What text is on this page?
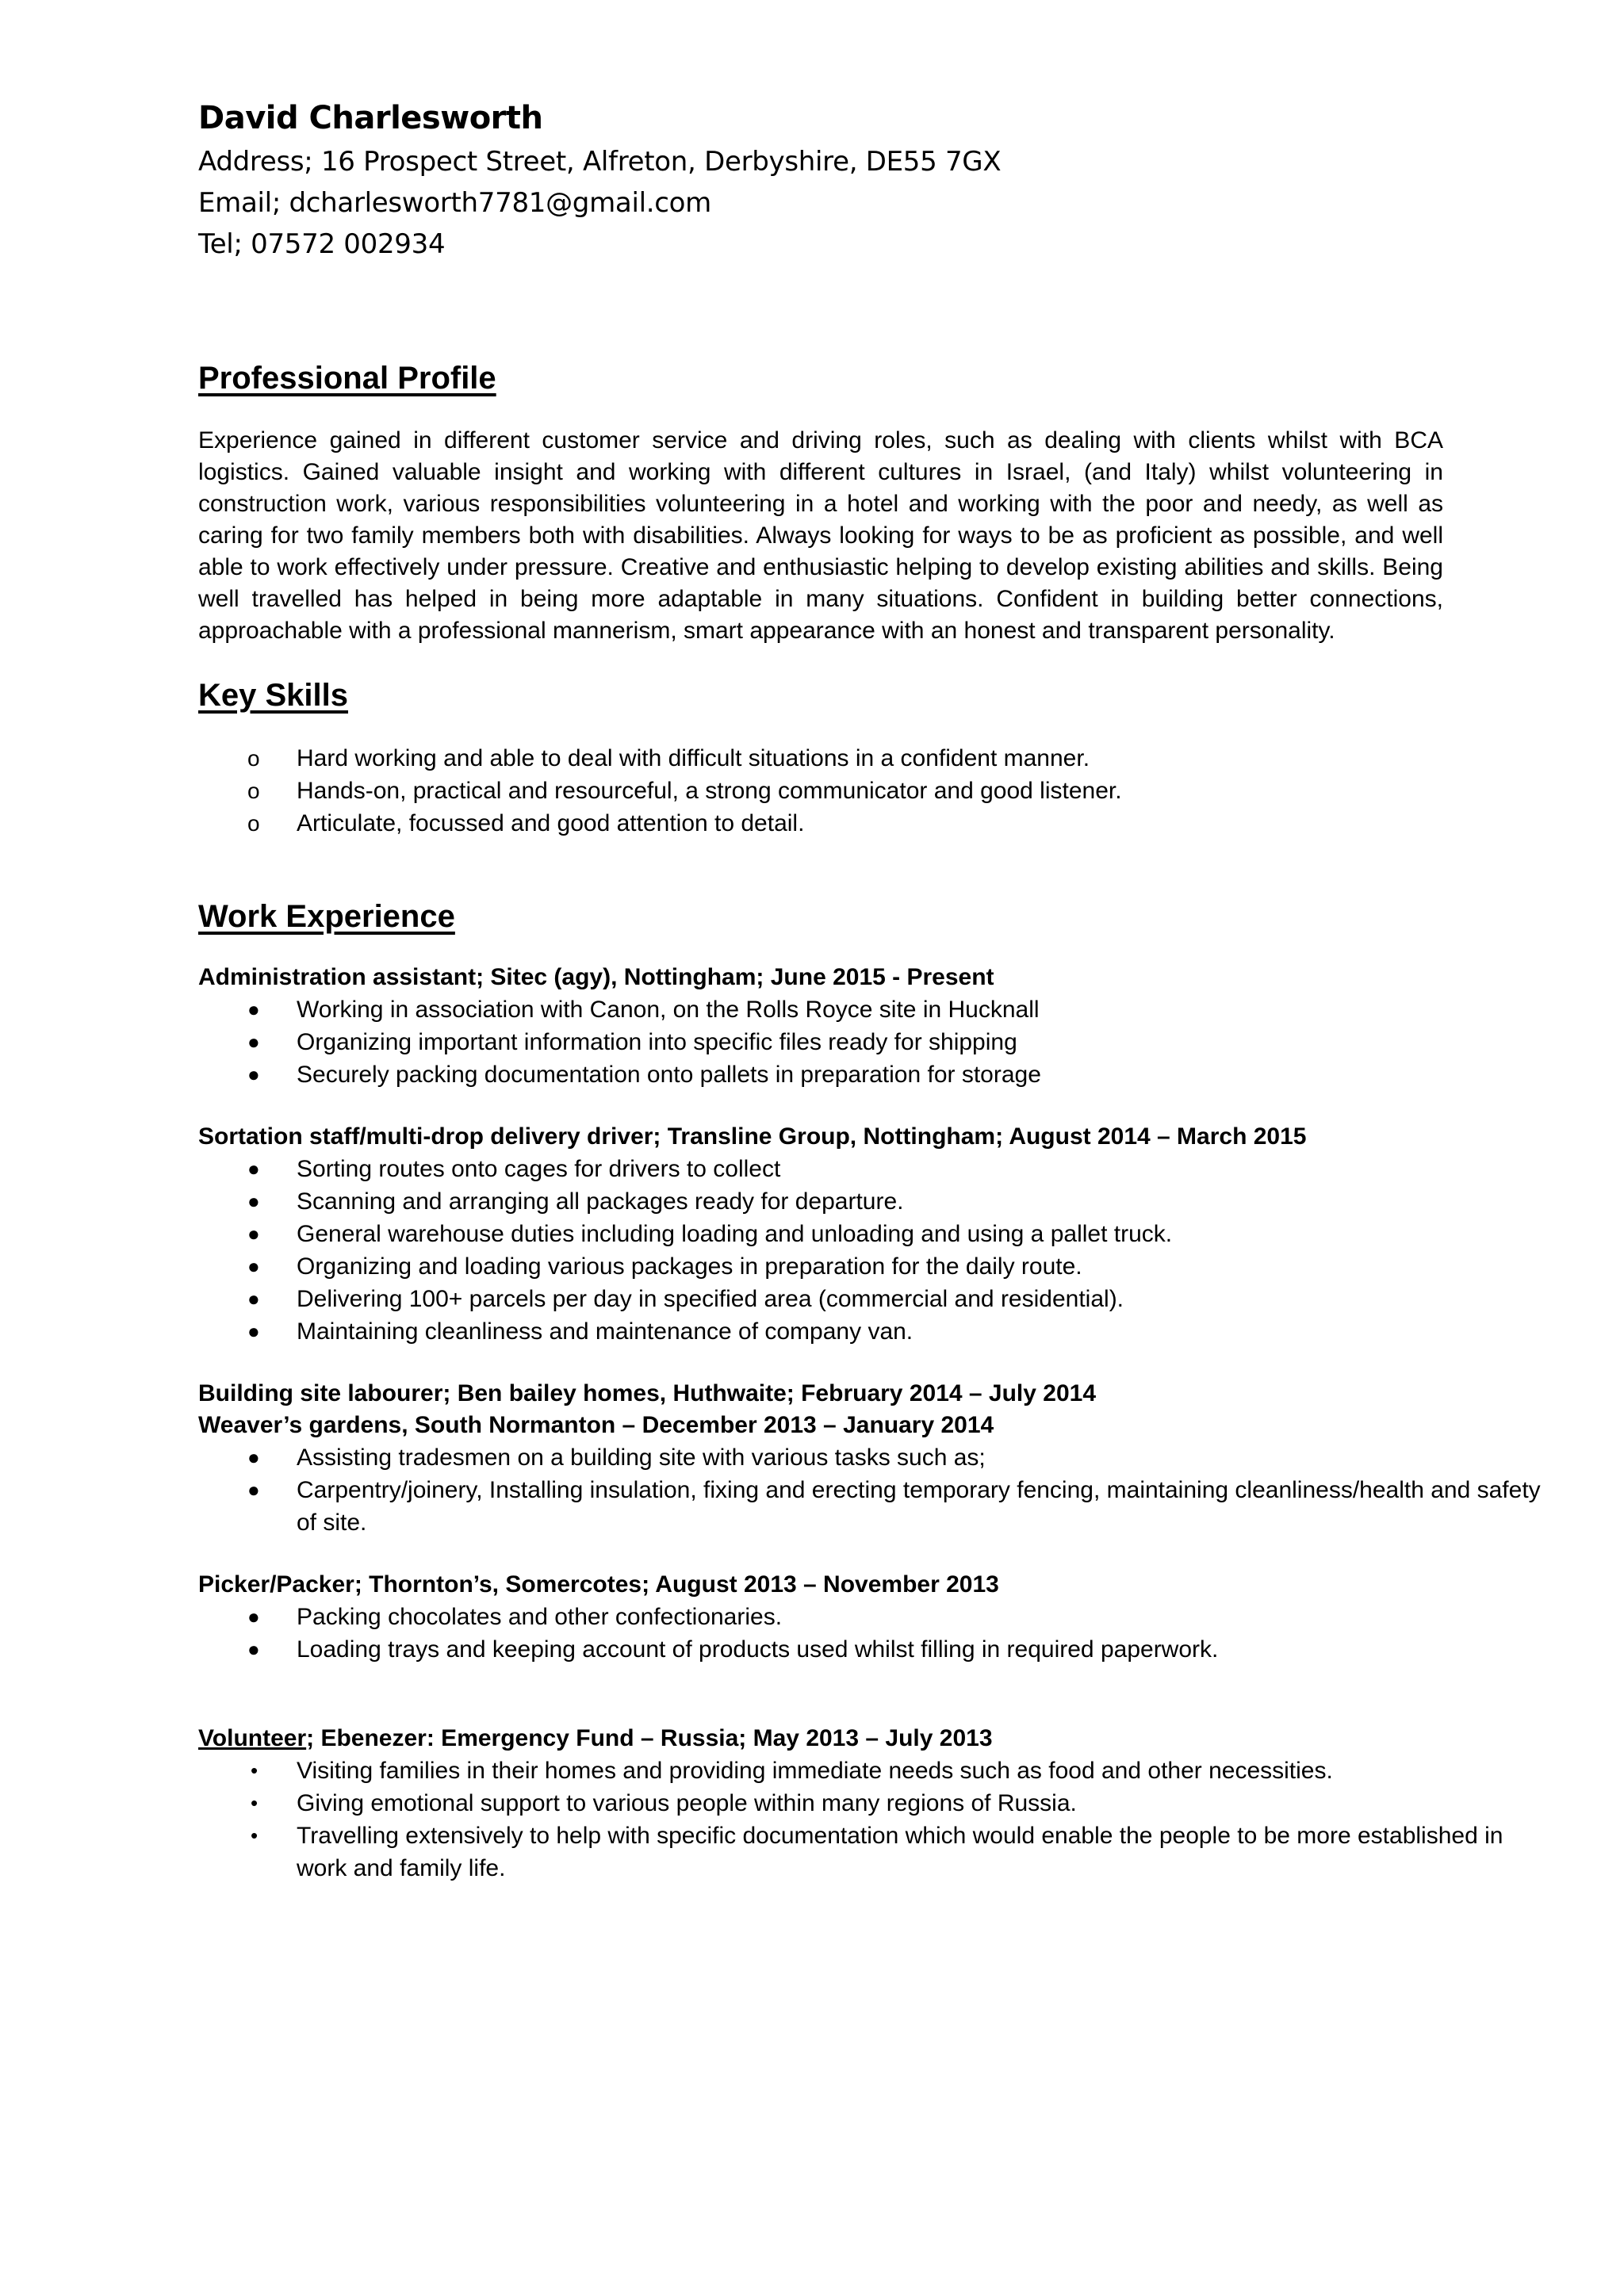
David Charlesworth
Address; 16 Prospect Street, Alfreton, Derbyshire, DE55 7GX
Email; dcharlesworth7781@gmail.com
Tel; 07572 002934
Professional Profile

Experience gained in different customer service and driving roles, such as dealing with clients whilst with BCA logistics. Gained valuable insight and working with different cultures in Israel, (and Italy) whilst volunteering in construction work, various responsibilities volunteering in a hotel and working with the poor and needy, as well as caring for two family members both with disabilities. Always looking for ways to be as proficient as possible, and well able to work effectively under pressure. Creative and enthusiastic helping to develop existing abilities and skills. Being well travelled has helped in being more adaptable in many situations. Confident in building better connections, approachable with a professional mannerism, smart appearance with an honest and transparent personality.

Key Skills
o Hard working and able to deal with difficult situations in a confident manner.
o Hands-on, practical and resourceful, a strong communicator and good listener.
o Articulate, focussed and good attention to detail.
Work Experience
Administration assistant; Sitec (agy), Nottingham; June 2015 - Present
● Working in association with Canon, on the Rolls Royce site in Hucknall
● Organizing important information into specific files ready for shipping
● Securely packing documentation onto pallets in preparation for storage
Sortation staff/multi-drop delivery driver; Transline Group, Nottingham; August 2014 – March 2015
● Sorting routes onto cages for drivers to collect
● Scanning and arranging all packages ready for departure.
● General warehouse duties including loading and unloading and using a pallet truck.
● Organizing and loading various packages in preparation for the daily route.
● Delivering 100+ parcels per day in specified area (commercial and residential).
● Maintaining cleanliness and maintenance of company van.
Building site labourer; Ben bailey homes, Huthwaite; February 2014 – July 2014
Weaver’s gardens, South Normanton – December 2013 – January 2014
● Assisting tradesmen on a building site with various tasks such as;
● Carpentry/joinery, Installing insulation, fixing and erecting temporary fencing, maintaining cleanliness/health and safety of site.
Picker/Packer; Thornton’s, Somercotes; August 2013 – November 2013
● Packing chocolates and other confectionaries.
● Loading trays and keeping account of products used whilst filling in required paperwork.
Volunteer; Ebenezer: Emergency Fund – Russia; May 2013 – July 2013
• Visiting families in their homes and providing immediate needs such as food and other necessities.
• Giving emotional support to various people within many regions of Russia.
• Travelling extensively to help with specific documentation which would enable the people to be more established in work and family life.
